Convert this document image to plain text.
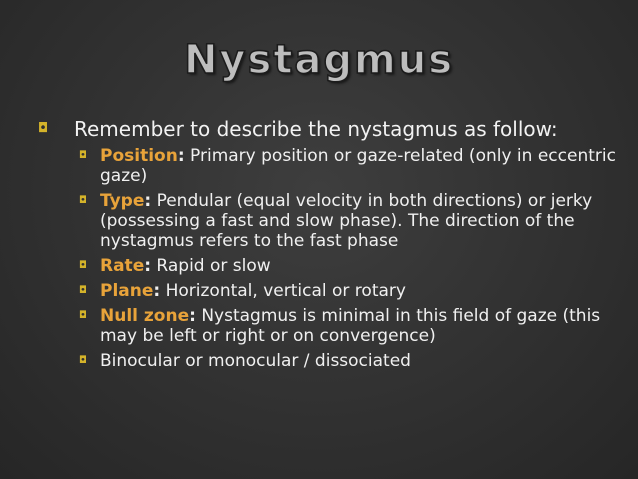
Nystagmus
◘ Remember to describe the nystagmus as follow:
◘ Position: Primary position or gaze-related (only in eccentric gaze)
◘ Type: Pendular (equal velocity in both directions) or jerky (possessing a fast and slow phase). The direction of the nystagmus refers to the fast phase
◘ Rate: Rapid or slow
◘ Plane: Horizontal, vertical or rotary
◘ Null zone: Nystagmus is minimal in this field of gaze (this may be left or right or on convergence)
◘ Binocular or monocular / dissociated
